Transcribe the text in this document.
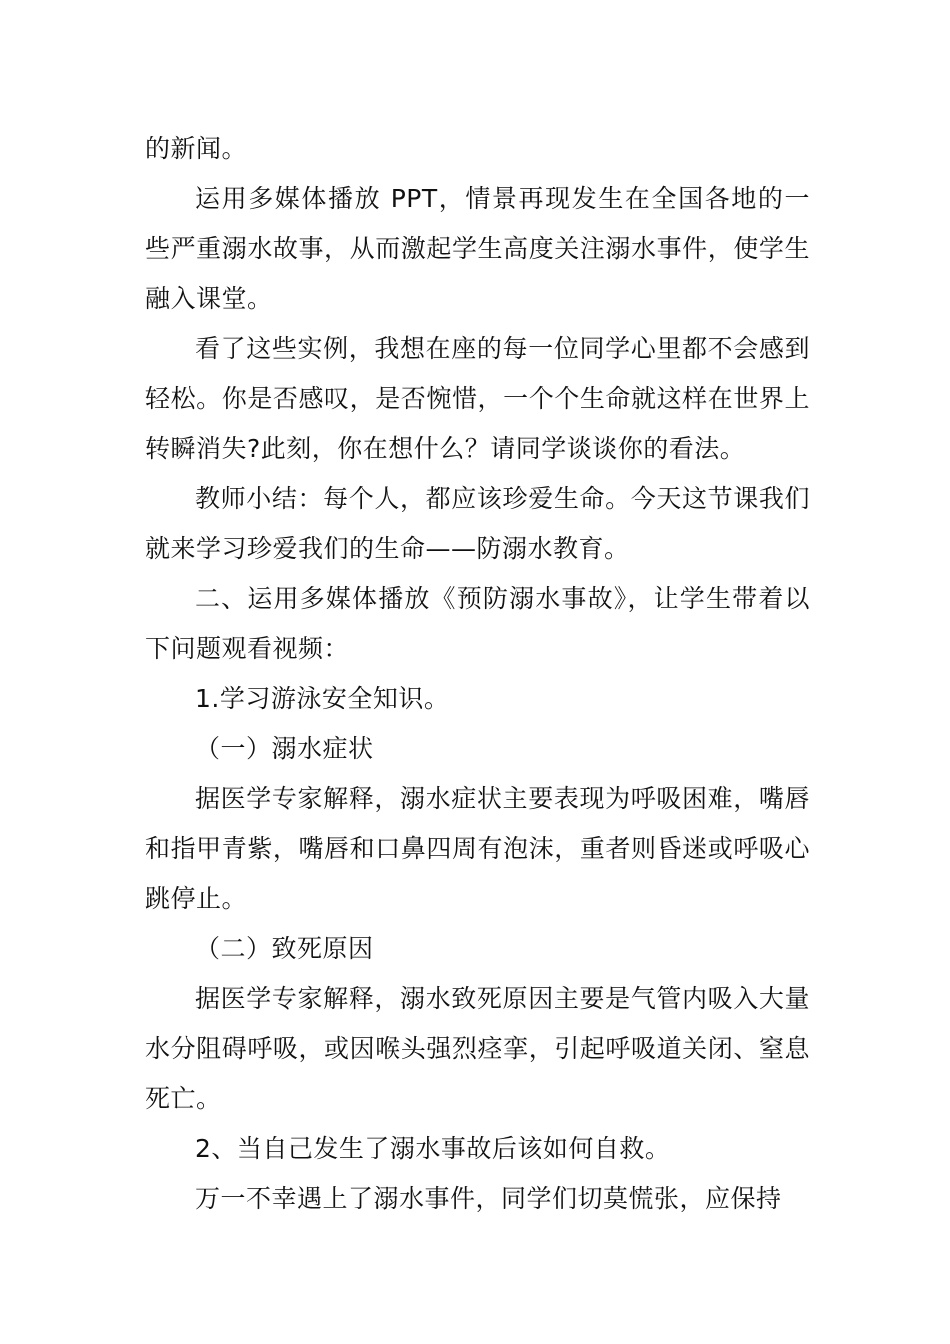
的新闻。

运用多媒体播放 PPT，情景再现发生在全国各地的一些严重溺水故事，从而激起学生高度关注溺水事件，使学生融入课堂。

看了这些实例，我想在座的每一位同学心里都不会感到轻松。你是否感叹，是否惋惜，一个个生命就这样在世界上转瞬消失?此刻，你在想什么？请同学谈谈你的看法。

教师小结：每个人，都应该珍爱生命。今天这节课我们就来学习珍爱我们的生命——防溺水教育。

二、运用多媒体播放《预防溺水事故》，让学生带着以下问题观看视频：

1.学习游泳安全知识。

（一）溺水症状

据医学专家解释，溺水症状主要表现为呼吸困难，嘴唇和指甲青紫，嘴唇和口鼻四周有泡沫，重者则昏迷或呼吸心跳停止。

（二）致死原因

据医学专家解释，溺水致死原因主要是气管内吸入大量水分阻碍呼吸，或因喉头强烈痉挛，引起呼吸道关闭、窒息死亡。

2、当自己发生了溺水事故后该如何自救。

万一不幸遇上了溺水事件，同学们切莫慌张，应保持
